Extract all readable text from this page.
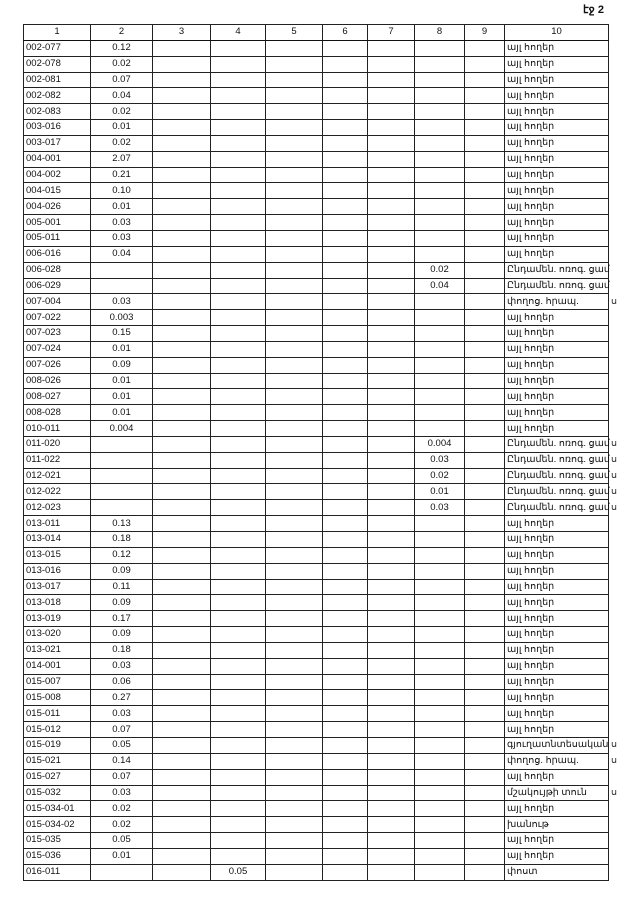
էջ 2
1	2	3	4	5	6	7	8	9	10	
002-077	0.12								այլ հողեր	
002-078	0.02								այլ հողեր	
002-081	0.07								այլ հողեր	
002-082	0.04								այլ հողեր	
002-083	0.02								այլ հողեր	
003-016	0.01								այլ հողեր	
003-017	0.02								այլ հողեր	
004-001	2.07								այլ հողեր	
004-002	0.21								այլ հողեր	
004-015	0.10								այլ հողեր	
004-026	0.01								այլ հողեր	
005-001	0.03								այլ հողեր	
005-011	0.03								այլ հողեր	
006-016	0.04								այլ հողեր	
006-028							0.02		Ընդամեն. ոռոգ. ցամ	
006-029							0.04		Ընդամեն. ոռոգ. ցամ	
007-004	0.03								փողոց. հրապ.	ս
007-022	0.003								այլ հողեր	
007-023	0.15								այլ հողեր	
007-024	0.01								այլ հողեր	
007-026	0.09								այլ հողեր	
008-026	0.01								այլ հողեր	
008-027	0.01								այլ հողեր	
008-028	0.01								այլ հողեր	
010-011	0.004								այլ հողեր	
011-020							0.004		Ընդամեն. ոռոգ. ցամ	ս
011-022							0.03		Ընդամեն. ոռոգ. ցամ	ս
012-021							0.02		Ընդամեն. ոռոգ. ցամ	ս
012-022							0.01		Ընդամեն. ոռոգ. ցամ	ս
012-023							0.03		Ընդամեն. ոռոգ. ցամ	ս
013-011	0.13								այլ հողեր	
013-014	0.18								այլ հողեր	
013-015	0.12								այլ հողեր	
013-016	0.09								այլ հողեր	
013-017	0.11								այլ հողեր	
013-018	0.09								այլ հողեր	
013-019	0.17								այլ հողեր	
013-020	0.09								այլ հողեր	
013-021	0.18								այլ հողեր	
014-001	0.03								այլ հողեր	
015-007	0.06								այլ հողեր	
015-008	0.27								այլ հողեր	
015-011	0.03								այլ հողեր	
015-012	0.07								այլ հողեր	
015-019	0.05								գյուղատնտեսական	ս
015-021	0.14								փողոց. հրապ.	ս
015-027	0.07								այլ հողեր	
015-032	0.03								մշակույթի տուն	ս
015-034-01	0.02								այլ հողեր	
015-034-02	0.02								խանութ	
015-035	0.05								այլ հողեր	
015-036	0.01								այլ հողեր	
016-011			0.05						փոստ	
